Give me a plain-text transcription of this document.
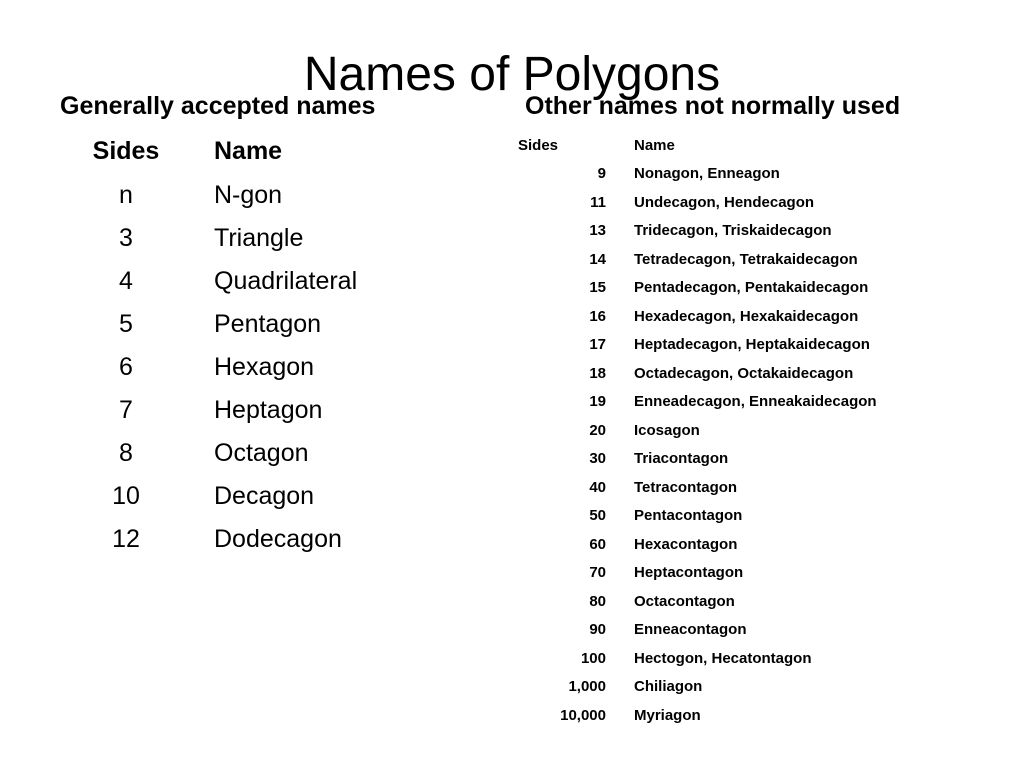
Names of Polygons
Generally accepted names
Sides	Name
n	N-gon
3	Triangle
4	Quadrilateral
5	Pentagon
6	Hexagon
7	Heptagon
8	Octagon
10	Decagon
12	Dodecagon
Other names not normally used
Sides	Name
9	Nonagon, Enneagon
11	Undecagon, Hendecagon
13	Tridecagon, Triskaidecagon
14	Tetradecagon, Tetrakaidecagon
15	Pentadecagon, Pentakaidecagon
16	Hexadecagon, Hexakaidecagon
17	Heptadecagon, Heptakaidecagon
18	Octadecagon, Octakaidecagon
19	Enneadecagon, Enneakaidecagon
20	Icosagon
30	Triacontagon
40	Tetracontagon
50	Pentacontagon
60	Hexacontagon
70	Heptacontagon
80	Octacontagon
90	Enneacontagon
100	Hectogon, Hecatontagon
1,000	Chiliagon
10,000	Myriagon
